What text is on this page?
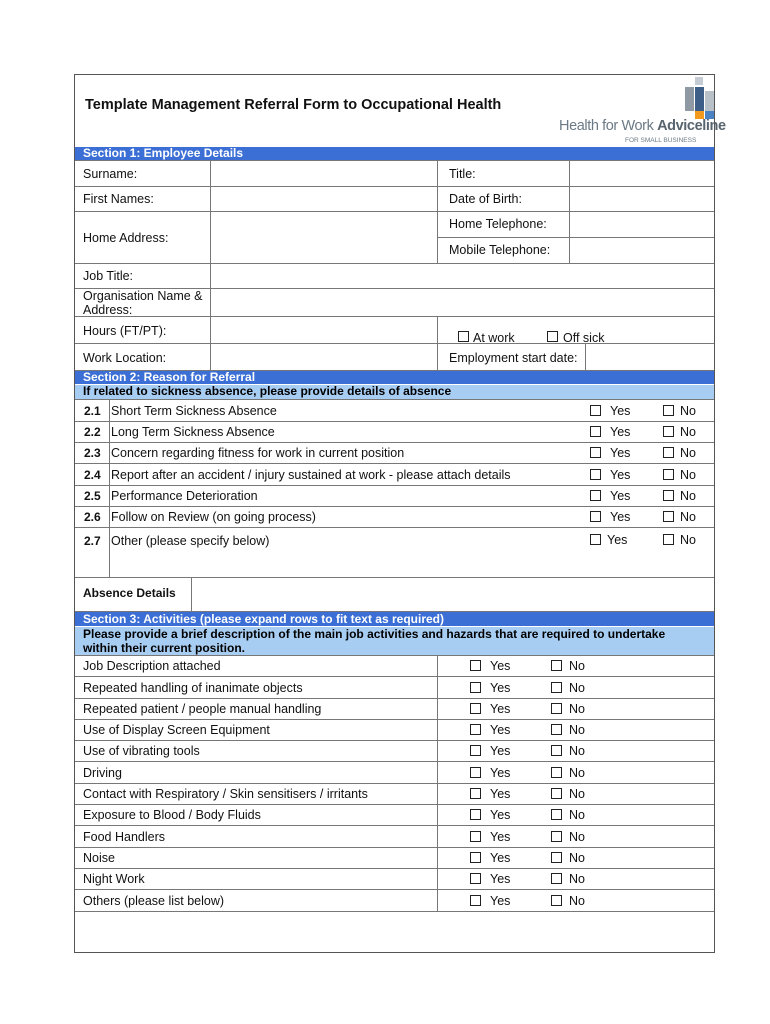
Template Management Referral Form to Occupational Health
Health for Work Adviceline
FOR SMALL BUSINESS
Section 1: Employee Details
Surname:	Title:
First Names:	Date of Birth:
Home Address:
Home Telephone:
Mobile Telephone:
Job Title:
Organisation Name &
Address:
Hours (FT/PT):	At work	Off sick
Work Location:	Employment start date:
Section 2: Reason for Referral
If related to sickness absence, please provide details of absence
2.1 Short Term Sickness Absence	Yes	No
2.2 Long Term Sickness Absence	Yes	No
2.3 Concern regarding fitness for work in current position	Yes	No
2.4 Report after an accident / injury sustained at work - please attach details	Yes	No
2.5 Performance Deterioration	Yes	No
2.6 Follow on Review (on going process)	Yes	No
2.7 Other (please specify below)	Yes	No
Absence Details
Section 3: Activities (please expand rows to fit text as required)
Please provide a brief description of the main job activities and hazards that are required to undertake
within their current position.
Job Description attached	Yes	No
Repeated handling of inanimate objects	Yes	No
Repeated patient / people manual handling	Yes	No
Use of Display Screen Equipment	Yes	No
Use of vibrating tools	Yes	No
Driving	Yes	No
Contact with Respiratory / Skin sensitisers / irritants	Yes	No
Exposure to Blood / Body Fluids	Yes	No
Food Handlers	Yes	No
Noise	Yes	No
Night Work	Yes	No
Others (please list below)	Yes	No
